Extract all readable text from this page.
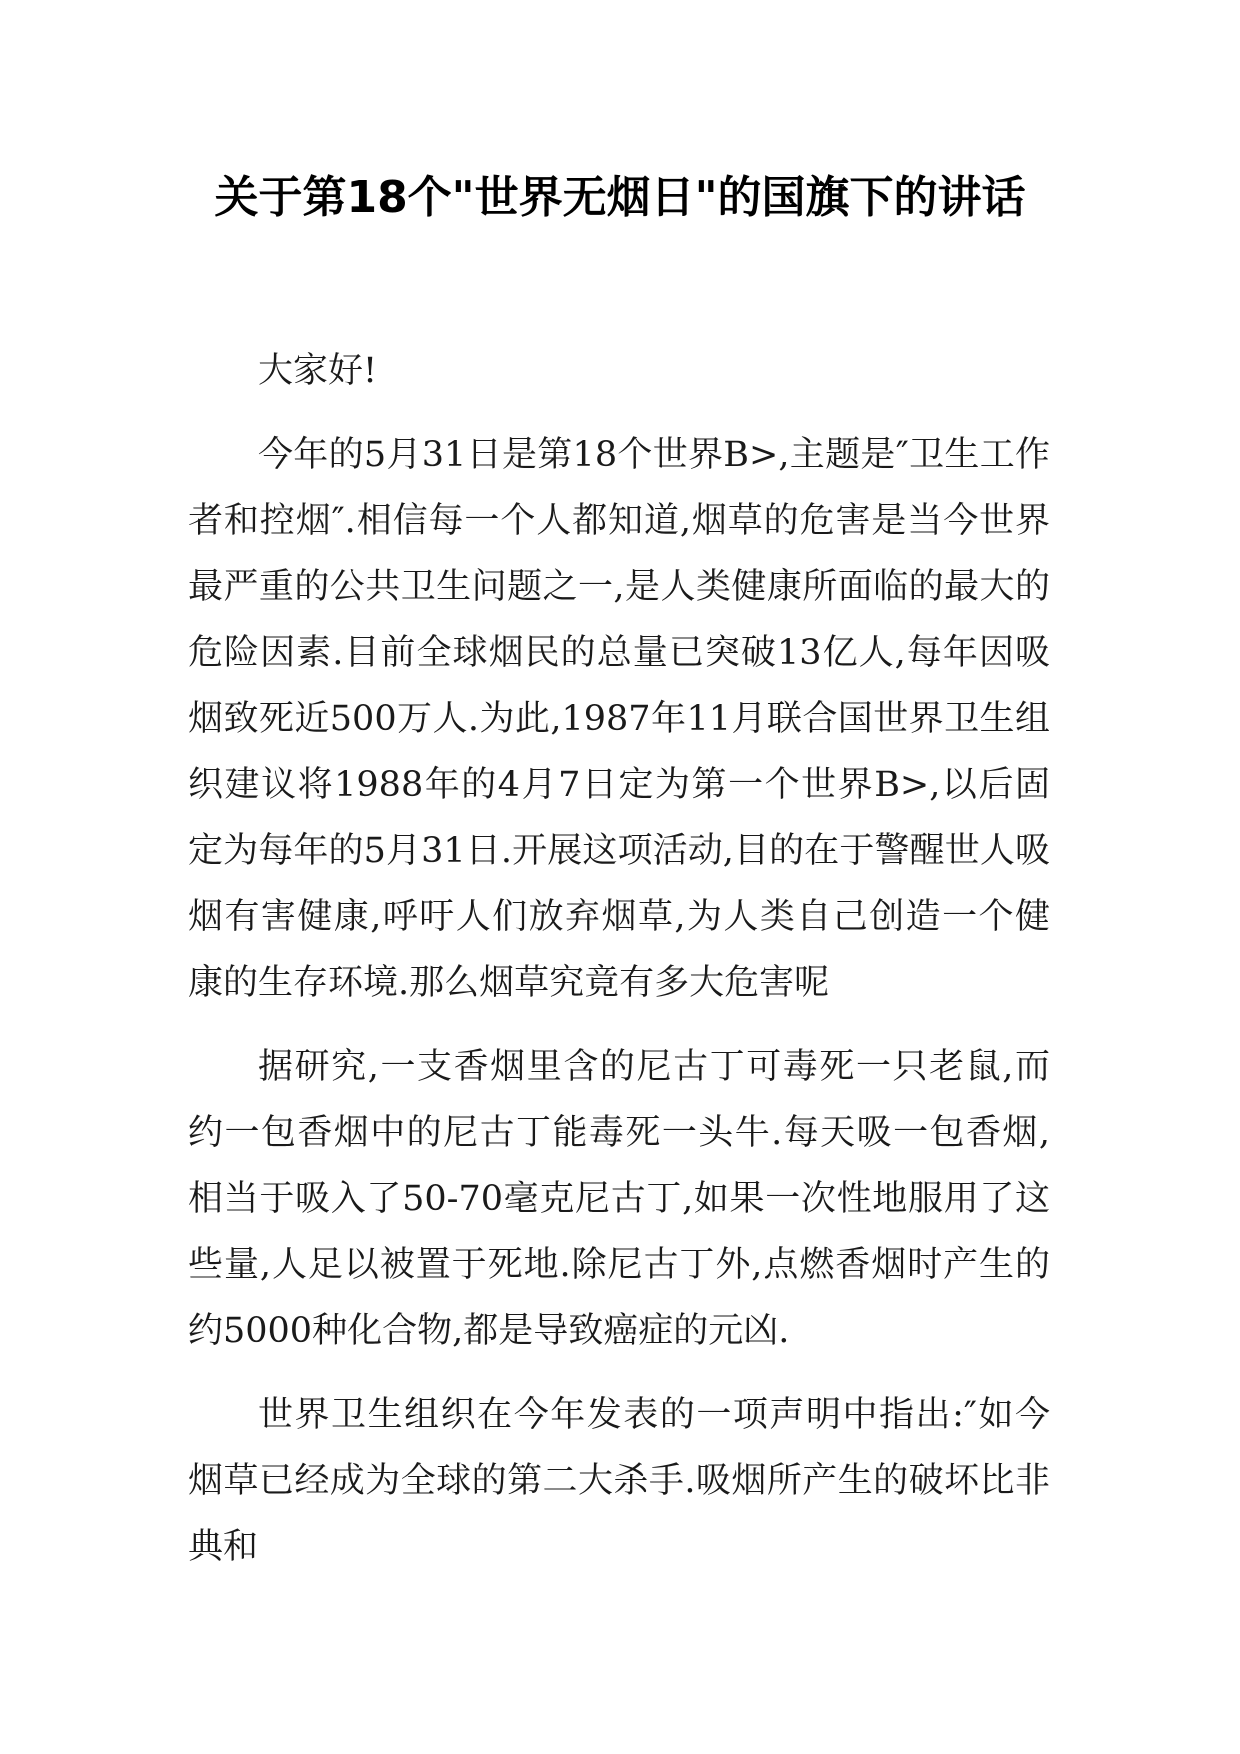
关于第18个"世界无烟日"的国旗下的讲话

大家好!

今年的5月31日是第18个世界B>,主题是″卫生工作者和控烟″.相信每一个人都知道,烟草的危害是当今世界最严重的公共卫生问题之一,是人类健康所面临的最大的危险因素.目前全球烟民的总量已突破13亿人,每年因吸烟致死近500万人.为此,1987年11月联合国世界卫生组织建议将1988年的4月7日定为第一个世界B>,以后固定为每年的5月31日.开展这项活动,目的在于警醒世人吸烟有害健康,呼吁人们放弃烟草,为人类自己创造一个健康的生存环境.那么烟草究竟有多大危害呢

据研究,一支香烟里含的尼古丁可毒死一只老鼠,而约一包香烟中的尼古丁能毒死一头牛.每天吸一包香烟,相当于吸入了50-70毫克尼古丁,如果一次性地服用了这些量,人足以被置于死地.除尼古丁外,点燃香烟时产生的约5000种化合物,都是导致癌症的元凶.

世界卫生组织在今年发表的一项声明中指出:″如今烟草已经成为全球的第二大杀手.吸烟所产生的破坏比非典和
